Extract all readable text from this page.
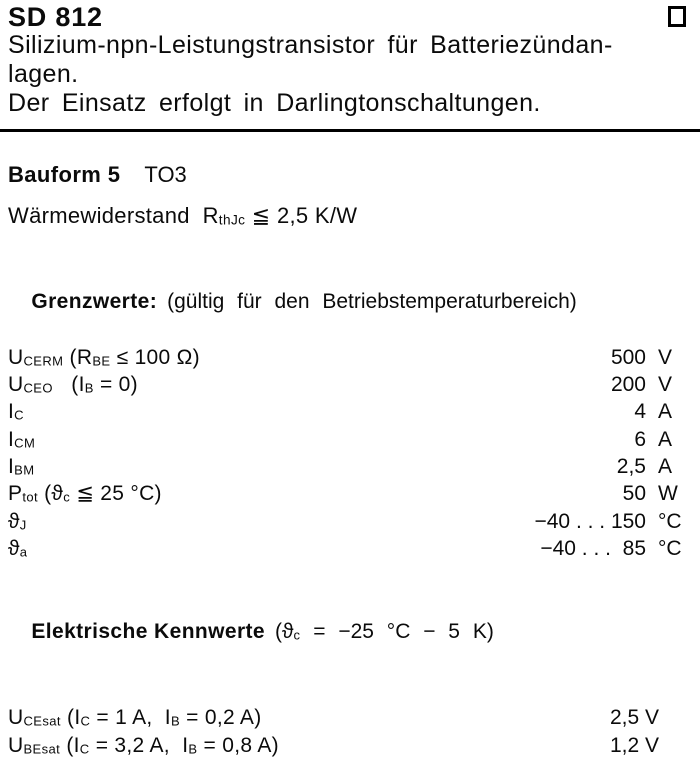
SD 812
Silizium-npn-Leistungstransistor für Batteriezündan-
lagen.
Der Einsatz erfolgt in Darlingtonschaltungen.
Bauform 5 TO3
Wärmewiderstand  RthJc ≦ 2,5 K/W

Grenzwerte: (gültig für den Betriebstemperaturbereich)

UCERM (RBE ≤ 100 Ω)	500 V
UCEO   (IB = 0)	200 V
IC	4 A
ICM	6 A
IBM	2,5 A
Ptot (ϑc ≦ 25 °C)	50 W
ϑJ	−40 . . . 150 °C
ϑa	−40 . . .  85 °C

Elektrische Kennwerte (ϑc = −25 °C − 5 K)

UCEsat (IC = 1 A,  IB = 0,2 A)	2,5 V
UBEsat (IC = 3,2 A,  IB = 0,8 A)	1,2 V
